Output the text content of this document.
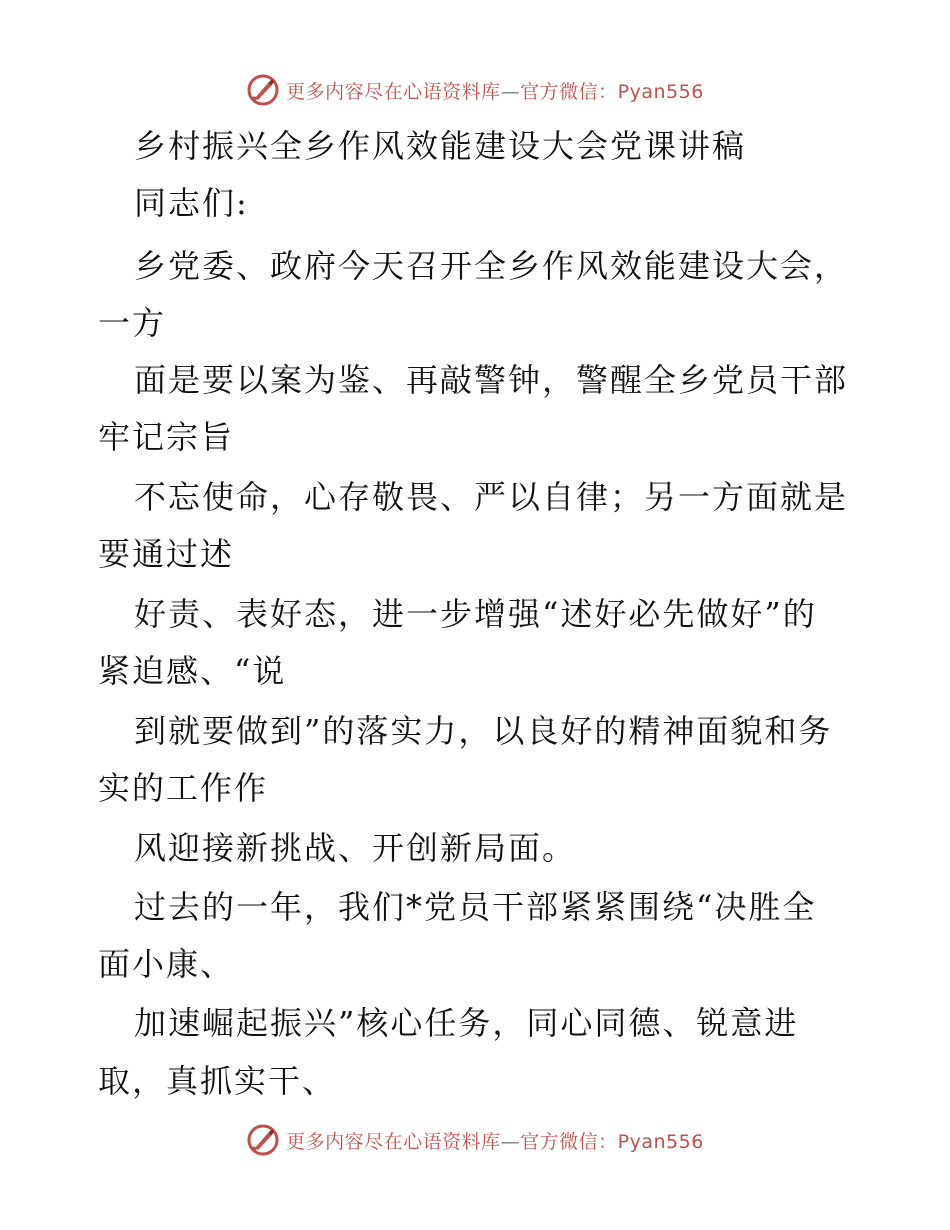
更多内容尽在心语资料库—官方微信：Pyan556
乡村振兴全乡作风效能建设大会党课讲稿
同志们:
乡党委、政府今天召开全乡作风效能建设大会，
一方
面是要以案为鉴、再敲警钟，警醒全乡党员干部
牢记宗旨
不忘使命，心存敬畏、严以自律；另一方面就是
要通过述
好责、表好态，进一步增强“述好必先做好”的
紧迫感、“说
到就要做到”的落实力，以良好的精神面貌和务
实的工作作
风迎接新挑战、开创新局面。
过去的一年，我们*党员干部紧紧围绕“决胜全
面小康、
加速崛起振兴”核心任务，同心同德、锐意进
取，真抓实干、
更多内容尽在心语资料库—官方微信：Pyan556
